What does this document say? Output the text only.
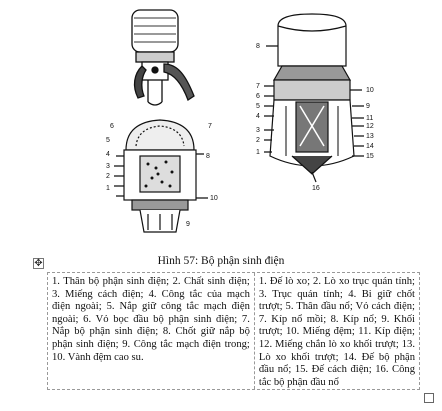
6	7
5
4
3
2
1
10
9
8
8
7
6
5
4
3
2
1
16
10
9
11
12
13
14
15
Hình 57: Bộ phận sinh điện
✥
1. Thân bộ phận sinh điện; 2. Chất sinh điện; 3. Miếng cách điện; 4. Công tắc của mạch điện ngoài; 5. Nắp giữ công tắc mạch điện ngoài; 6. Vỏ bọc đầu bộ phận sinh điện; 7. Nắp bộ phận sinh điện; 8. Chốt giữ nắp bộ phận sinh điện; 9. Công tắc mạch điện trong; 10. Vành đệm cao su.
1. Đế lò xo; 2. Lò xo trục quán tính; 3. Trục quán tính; 4. Bi giữ chốt trượt; 5. Thân đầu nổ; Vỏ cách điện; 7. Kíp nổ mồi; 8. Kíp nổ; 9. Khối trượt; 10. Miếng đệm; 11. Kíp điện; 12. Miếng chắn lò xo khối trượt; 13. Lò xo khối trượt; 14. Đế bộ phận đầu nổ; 15. Đế cách điện; 16. Công tắc bộ phận đầu nổ
